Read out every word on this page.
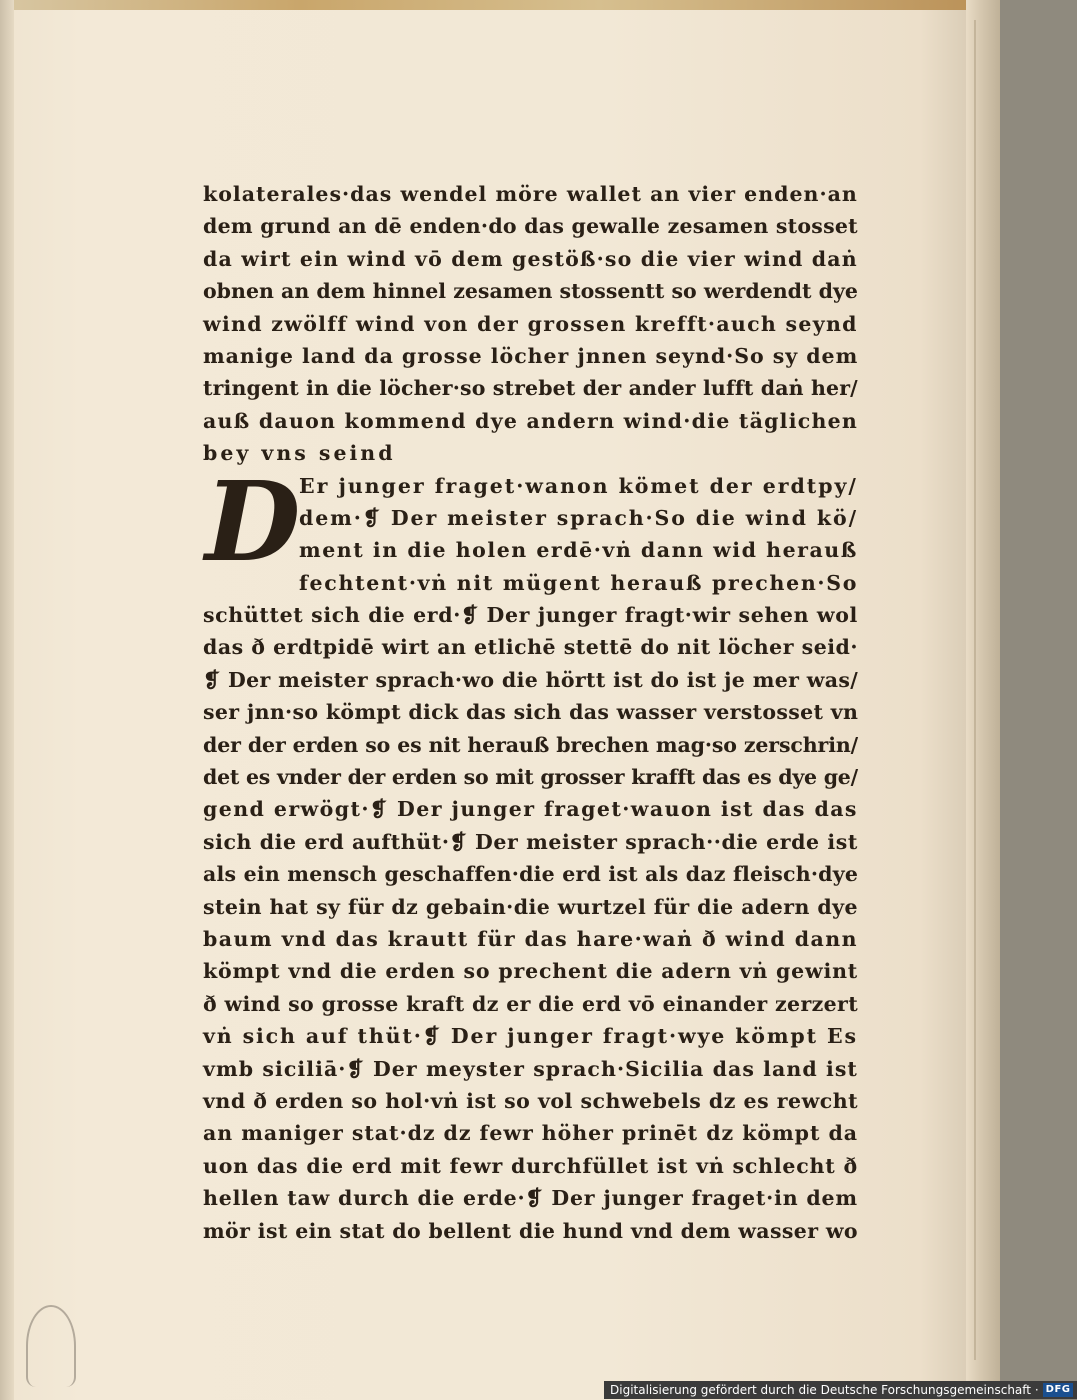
kolaterales·das wendel möre wallet an vier enden·an
dem grund an dē enden·do das gewalle zesamen stosset
da wirt ein wind vō dem gestöß·so die vier wind daṅ
obnen an dem hinnel zesamen stossentt so werdendt dye
wind zwölff wind von der grossen krefft·auch seynd
manige land da grosse löcher jnnen seynd·So sy dem
tringent in die löcher·so strebet der ander lufft daṅ her/
auß dauon kommend dye andern wind·die täglichen
bey vns seind
D
Er junger fraget·wanon kömet der erdtpy/
dem·❡ Der meister sprach·So die wind kö/
ment in die holen erdē·vṅ dann wid herauß
fechtent·vṅ nit mügent herauß prechen·So
schüttet sich die erd·❡ Der junger fragt·wir sehen wol
das ð erdtpidē wirt an etlichē stettē do nit löcher seid·
❡ Der meister sprach·wo die hörtt ist do ist je mer was/
ser jnn·so kömpt dick das sich das wasser verstosset vn
der der erden so es nit herauß brechen mag·so zerschrin/
det es vnder der erden so mit grosser krafft das es dye ge/
gend erwögt·❡ Der junger fraget·wauon ist das das
sich die erd aufthüt·❡ Der meister sprach··die erde ist
als ein mensch geschaffen·die erd ist als daz fleisch·dye
stein hat sy für dz gebain·die wurtzel für die adern dye
baum vnd das krautt für das hare·waṅ ð wind dann
kömpt vnd die erden so prechent die adern vṅ gewint
ð wind so grosse kraft dz er die erd vō einander zerzert
vṅ sich auf thüt·❡ Der junger fragt·wye kömpt Es
vmb siciliā·❡ Der meyster sprach·Sicilia das land ist
vnd ð erden so hol·vṅ ist so vol schwebels dz es rewcht
an maniger stat·dz dz fewr höher prinēt dz kömpt da
uon das die erd mit fewr durchfüllet ist vṅ schlecht ð
hellen taw durch die erde·❡ Der junger fraget·in dem
mör ist ein stat do bellent die hund vnd dem wasser wo
Digitalisierung gefördert durch die Deutsche Forschungsgemeinschaft · DFG
